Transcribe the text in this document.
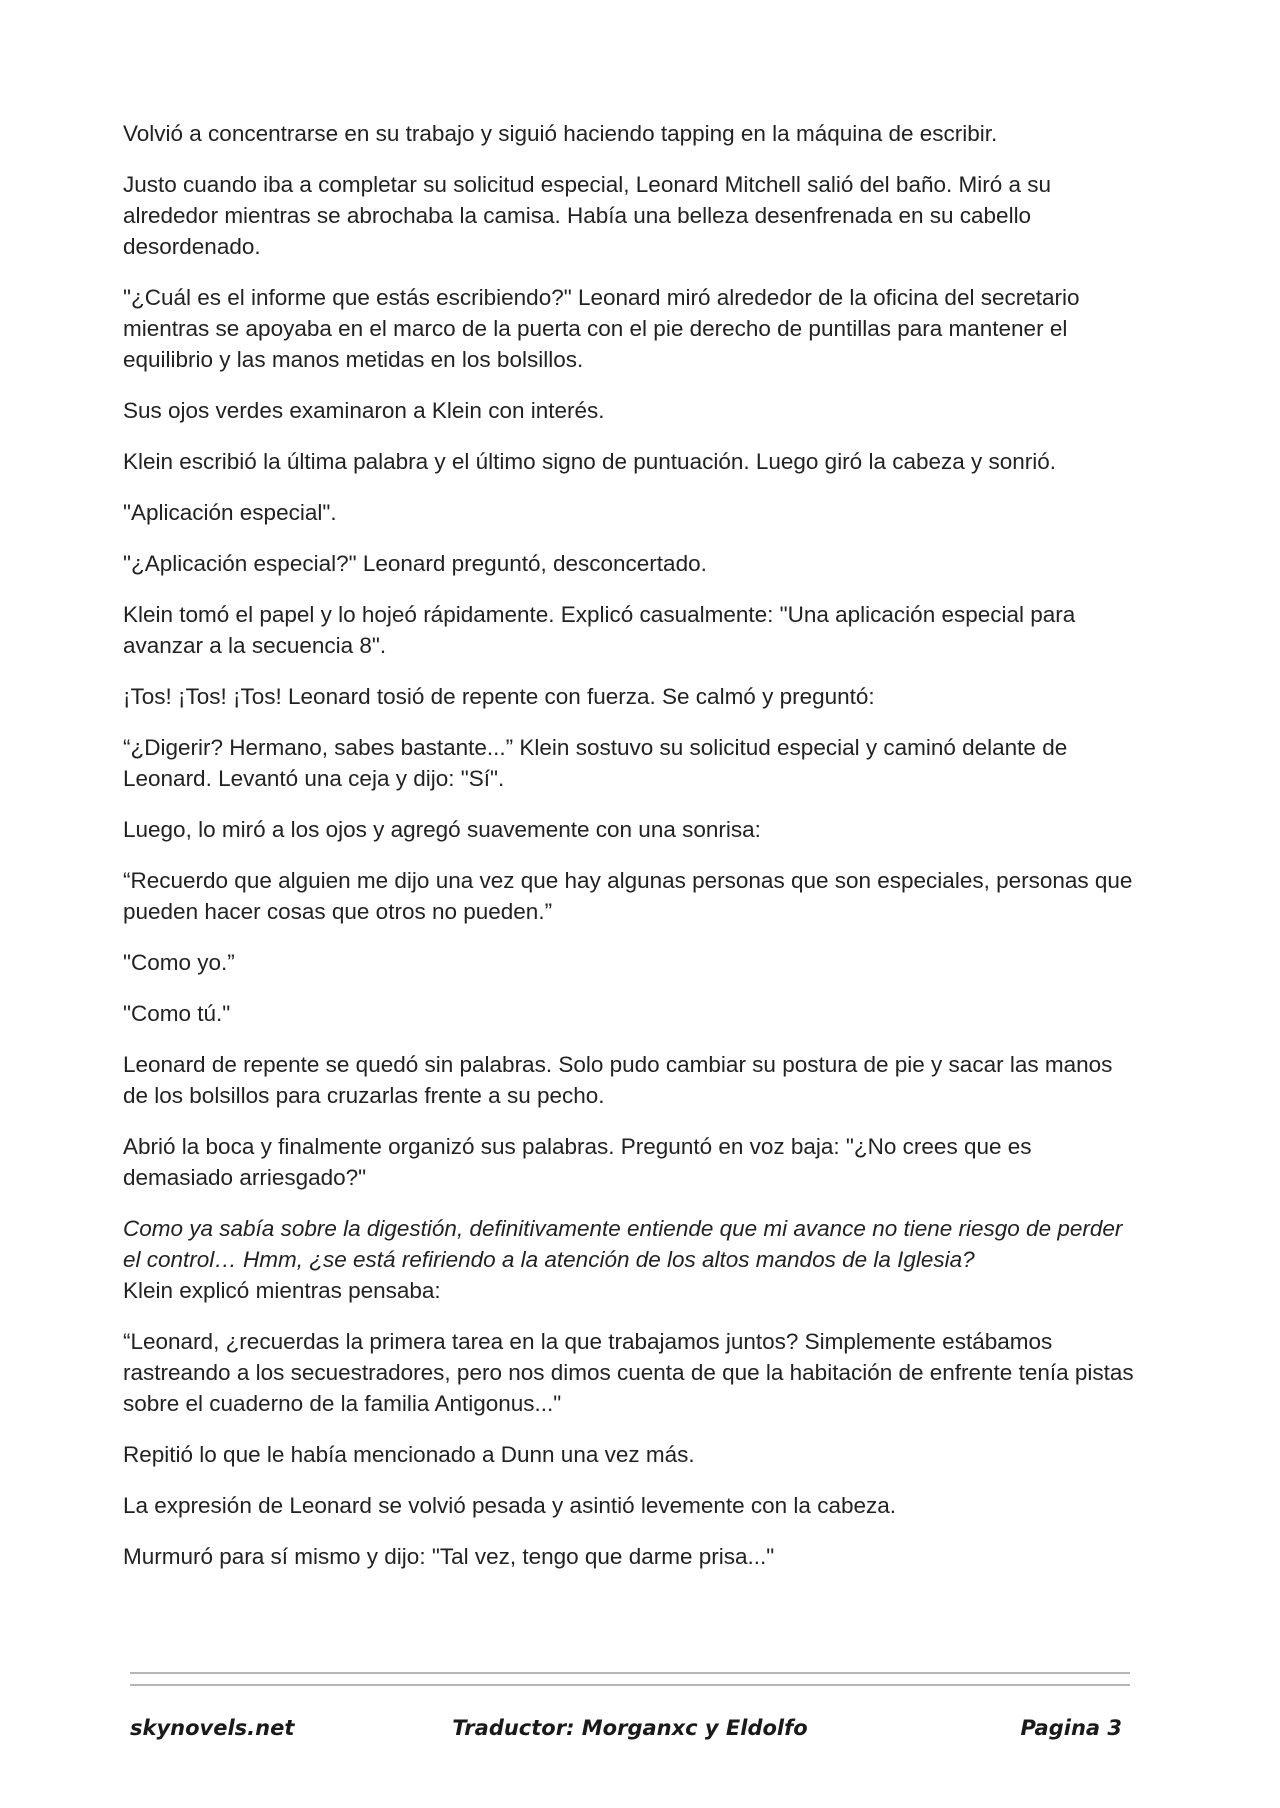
Volvió a concentrarse en su trabajo y siguió haciendo tapping en la máquina de escribir.

Justo cuando iba a completar su solicitud especial, Leonard Mitchell salió del baño. Miró a su alrededor mientras se abrochaba la camisa. Había una belleza desenfrenada en su cabello desordenado.

"¿Cuál es el informe que estás escribiendo?" Leonard miró alrededor de la oficina del secretario mientras se apoyaba en el marco de la puerta con el pie derecho de puntillas para mantener el equilibrio y las manos metidas en los bolsillos.

Sus ojos verdes examinaron a Klein con interés.

Klein escribió la última palabra y el último signo de puntuación. Luego giró la cabeza y sonrió.

"Aplicación especial".

"¿Aplicación especial?" Leonard preguntó, desconcertado.

Klein tomó el papel y lo hojeó rápidamente. Explicó casualmente: "Una aplicación especial para avanzar a la secuencia 8".

¡Tos! ¡Tos! ¡Tos! Leonard tosió de repente con fuerza. Se calmó y preguntó:

“¿Digerir? Hermano, sabes bastante...” Klein sostuvo su solicitud especial y caminó delante de Leonard. Levantó una ceja y dijo: "Sí".

Luego, lo miró a los ojos y agregó suavemente con una sonrisa:

“Recuerdo que alguien me dijo una vez que hay algunas personas que son especiales, personas que pueden hacer cosas que otros no pueden.”

"Como yo.”

"Como tú."

Leonard de repente se quedó sin palabras. Solo pudo cambiar su postura de pie y sacar las manos de los bolsillos para cruzarlas frente a su pecho.

Abrió la boca y finalmente organizó sus palabras. Preguntó en voz baja: "¿No crees que es demasiado arriesgado?"

Como ya sabía sobre la digestión, definitivamente entiende que mi avance no tiene riesgo de perder el control… Hmm, ¿se está refiriendo a la atención de los altos mandos de la Iglesia?
Klein explicó mientras pensaba:

“Leonard, ¿recuerdas la primera tarea en la que trabajamos juntos? Simplemente estábamos rastreando a los secuestradores, pero nos dimos cuenta de que la habitación de enfrente tenía pistas sobre el cuaderno de la familia Antigonus..."

Repitió lo que le había mencionado a Dunn una vez más.

La expresión de Leonard se volvió pesada y asintió levemente con la cabeza.

Murmuró para sí mismo y dijo: "Tal vez, tengo que darme prisa..."

skynovels.net	Traductor: Morganxc y Eldolfo	Pagina 3
